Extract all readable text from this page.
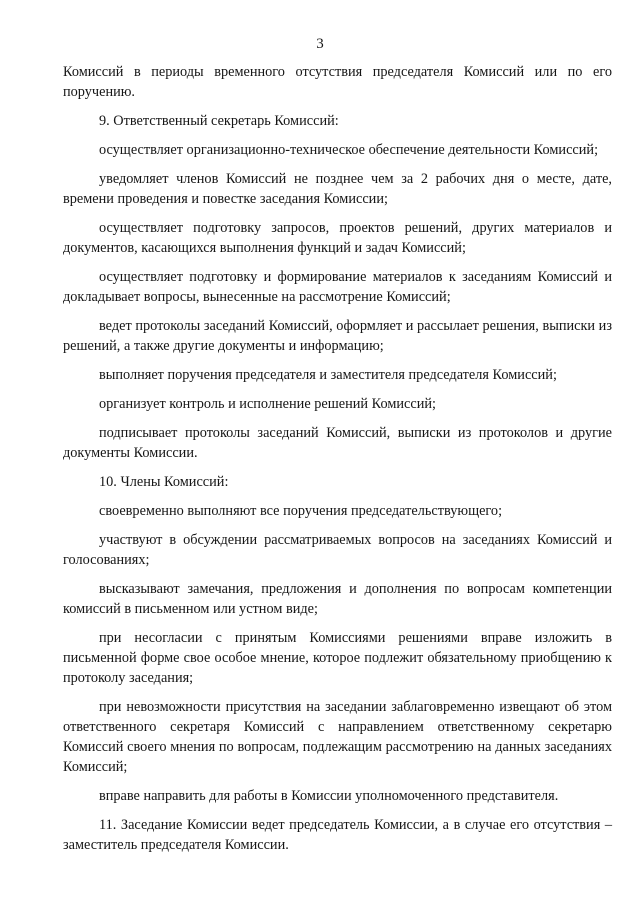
3

Комиссий в периоды временного отсутствия председателя Комиссий или по его поручению.

9. Ответственный секретарь Комиссий:

осуществляет организационно-техническое обеспечение деятельности Комиссий;

уведомляет членов Комиссий не позднее чем за 2 рабочих дня о месте, дате, времени проведения и повестке заседания Комиссии;

осуществляет подготовку запросов, проектов решений, других материалов и документов, касающихся выполнения функций и задач Комиссий;

осуществляет подготовку и формирование материалов к заседаниям Комиссий и докладывает вопросы, вынесенные на рассмотрение Комиссий;

ведет протоколы заседаний Комиссий, оформляет и рассылает решения, выписки из решений, а также другие документы и информацию;

выполняет поручения председателя и заместителя председателя Комиссий;

организует контроль и исполнение решений Комиссий;

подписывает протоколы заседаний Комиссий, выписки из протоколов и другие документы Комиссии.

10. Члены Комиссий:

своевременно выполняют все поручения председательствующего;

участвуют в обсуждении рассматриваемых вопросов на заседаниях Комиссий и голосованиях;

высказывают замечания, предложения и дополнения по вопросам компетенции комиссий в письменном или устном виде;

при несогласии с принятым Комиссиями решениями вправе изложить в письменной форме свое особое мнение, которое подлежит обязательному приобщению к протоколу заседания;

при невозможности присутствия на заседании заблаговременно извещают об этом ответственного секретаря Комиссий с направлением ответственному секретарю Комиссий своего мнения по вопросам, подлежащим рассмотрению на данных заседаниях Комиссий;

вправе направить для работы в Комиссии уполномоченного представителя.

11. Заседание Комиссии ведет председатель Комиссии, а в случае его отсутствия – заместитель председателя Комиссии.
